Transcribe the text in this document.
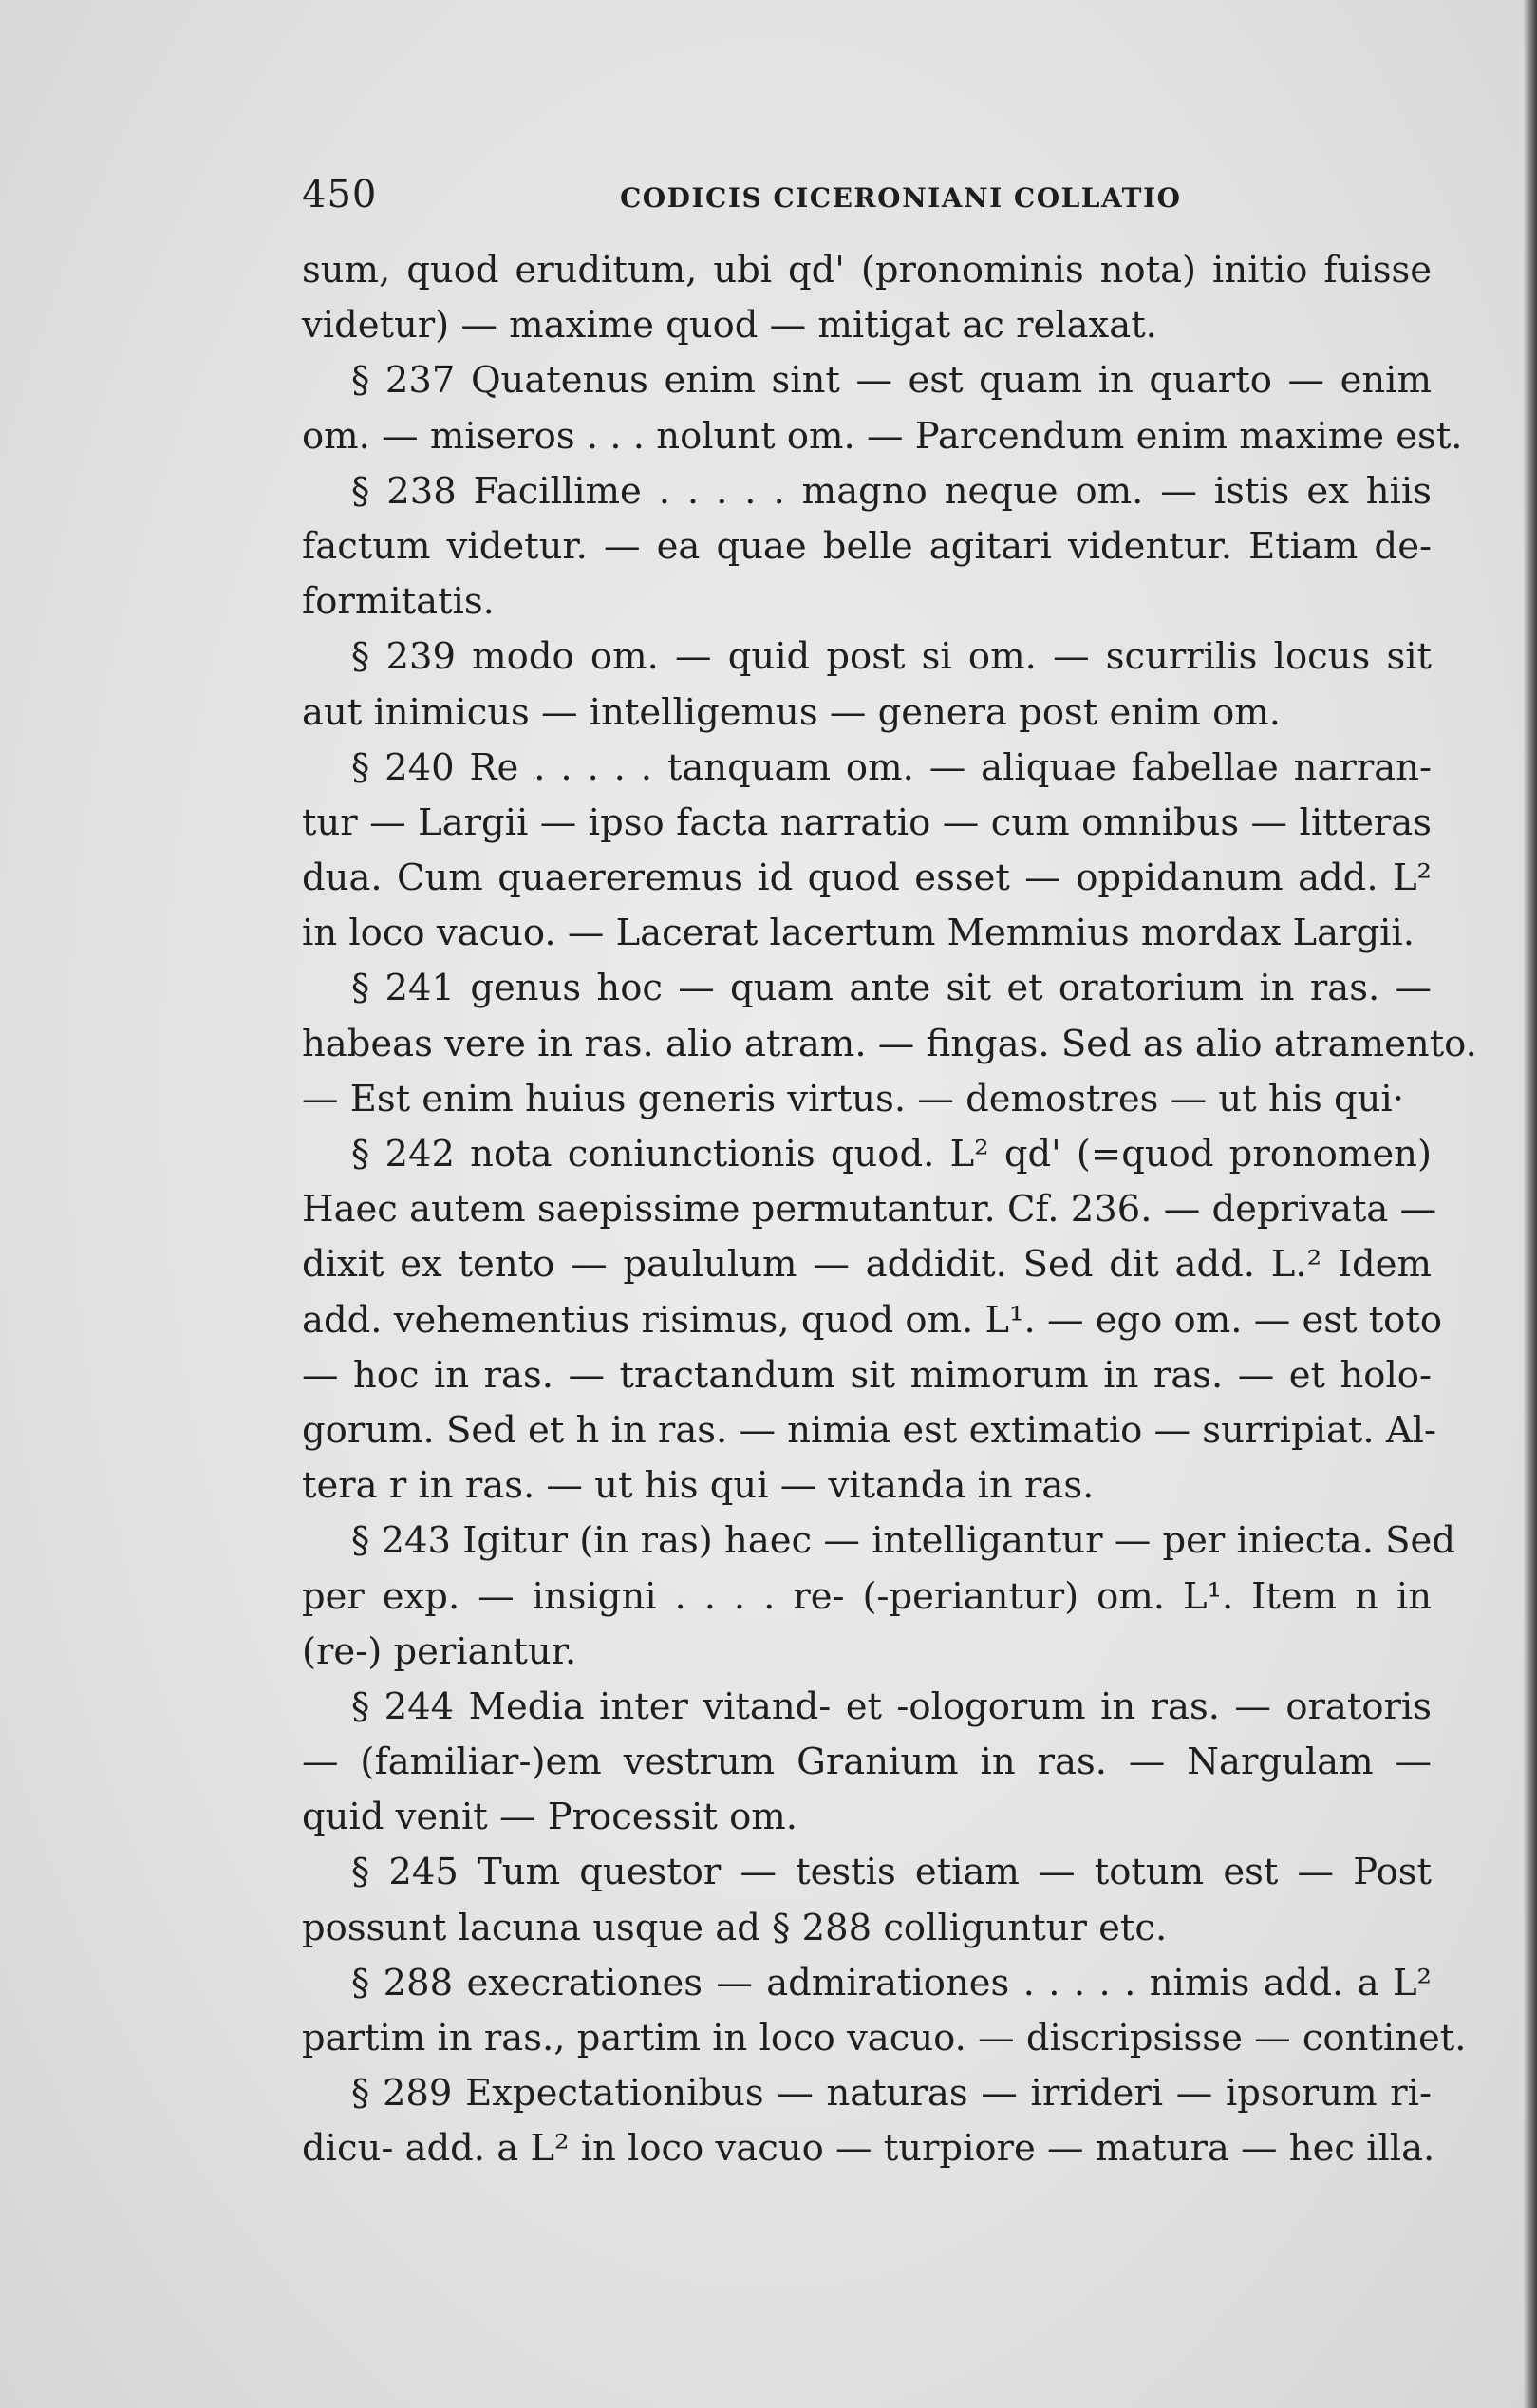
450	CODICIS CICERONIANI COLLATIO
sum, quod eruditum, ubi qd' (pronominis nota) initio fuisse
videtur) — maxime quod — mitigat ac relaxat.
§ 237 Quatenus enim sint — est quam in quarto — enim
om. — miseros . . . nolunt om. — Parcendum enim maxime est.
§ 238 Facillime . . . . . magno neque om. — istis ex hiis
factum videtur. — ea quae belle agitari videntur. Etiam de-
formitatis.
§ 239 modo om. — quid post si om. — scurrilis locus sit
aut inimicus — intelligemus — genera post enim om.
§ 240 Re . . . . . tanquam om. — aliquae fabellae narran-
tur — Largii — ipso facta narratio — cum omnibus — litteras
dua. Cum quaereremus id quod esset — oppidanum add. L²
in loco vacuo. — Lacerat lacertum Memmius mordax Largii.
§ 241 genus hoc — quam ante sit et oratorium in ras. —
habeas vere in ras. alio atram. — fingas. Sed as alio atramento.
— Est enim huius generis virtus. — demostres — ut his qui·
§ 242 nota coniunctionis quod. L² qd' (=quod pronomen)
Haec autem saepissime permutantur. Cf. 236. — deprivata —
dixit ex tento — paululum — addidit. Sed dit add. L.² Idem
add. vehementius risimus, quod om. L¹. — ego om. — est toto
— hoc in ras. — tractandum sit mimorum in ras. — et holo-
gorum. Sed et h in ras. — nimia est extimatio — surripiat. Al-
tera r in ras. — ut his qui — vitanda in ras.
§ 243 Igitur (in ras) haec — intelligantur — per iniecta. Sed
per exp. — insigni . . . . re- (-periantur) om. L¹. Item n in
(re-) periantur.
§ 244 Media inter vitand- et -ologorum in ras. — oratoris
— (familiar-)em vestrum Granium in ras. — Nargulam —
quid venit — Processit om.
§ 245 Tum questor — testis etiam — totum est — Post
possunt lacuna usque ad § 288 colliguntur etc.
§ 288 execrationes — admirationes . . . . . nimis add. a L²
partim in ras., partim in loco vacuo. — discripsisse — continet.
§ 289 Expectationibus — naturas — irrideri — ipsorum ri-
dicu- add. a L² in loco vacuo — turpiore — matura — hec illa.
